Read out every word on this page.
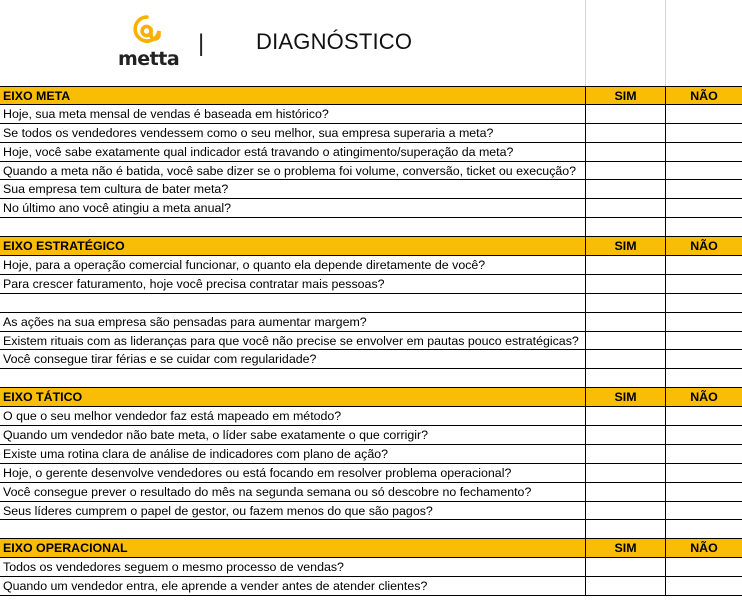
metta
| DIAGNÓSTICO
EIXO META	SIM	NÃO
Hoje, sua meta mensal de vendas é baseada em histórico?
Se todos os vendedores vendessem como o seu melhor, sua empresa superaria a meta?
Hoje, você sabe exatamente qual indicador está travando o atingimento/superação da meta?
Quando a meta não é batida, você sabe dizer se o problema foi volume, conversão, ticket ou execução?
Sua empresa tem cultura de bater meta?
No último ano você atingiu a meta anual?
EIXO ESTRATÉGICO	SIM	NÃO
Hoje, para a operação comercial funcionar, o quanto ela depende diretamente de você?
Para crescer faturamento, hoje você precisa contratar mais pessoas?
As ações na sua empresa são pensadas para aumentar margem?
Existem rituais com as lideranças para que você não precise se envolver em pautas pouco estratégicas?
Você consegue tirar férias e se cuidar com regularidade?
EIXO TÁTICO	SIM	NÃO
O que o seu melhor vendedor faz está mapeado em método?
Quando um vendedor não bate meta, o líder sabe exatamente o que corrigir?
Existe uma rotina clara de análise de indicadores com plano de ação?
Hoje, o gerente desenvolve vendedores ou está focando em resolver problema operacional?
Você consegue prever o resultado do mês na segunda semana ou só descobre no fechamento?
Seus líderes cumprem o papel de gestor, ou fazem menos do que são pagos?
EIXO OPERACIONAL	SIM	NÃO
Todos os vendedores seguem o mesmo processo de vendas?
Quando um vendedor entra, ele aprende a vender antes de atender clientes?
